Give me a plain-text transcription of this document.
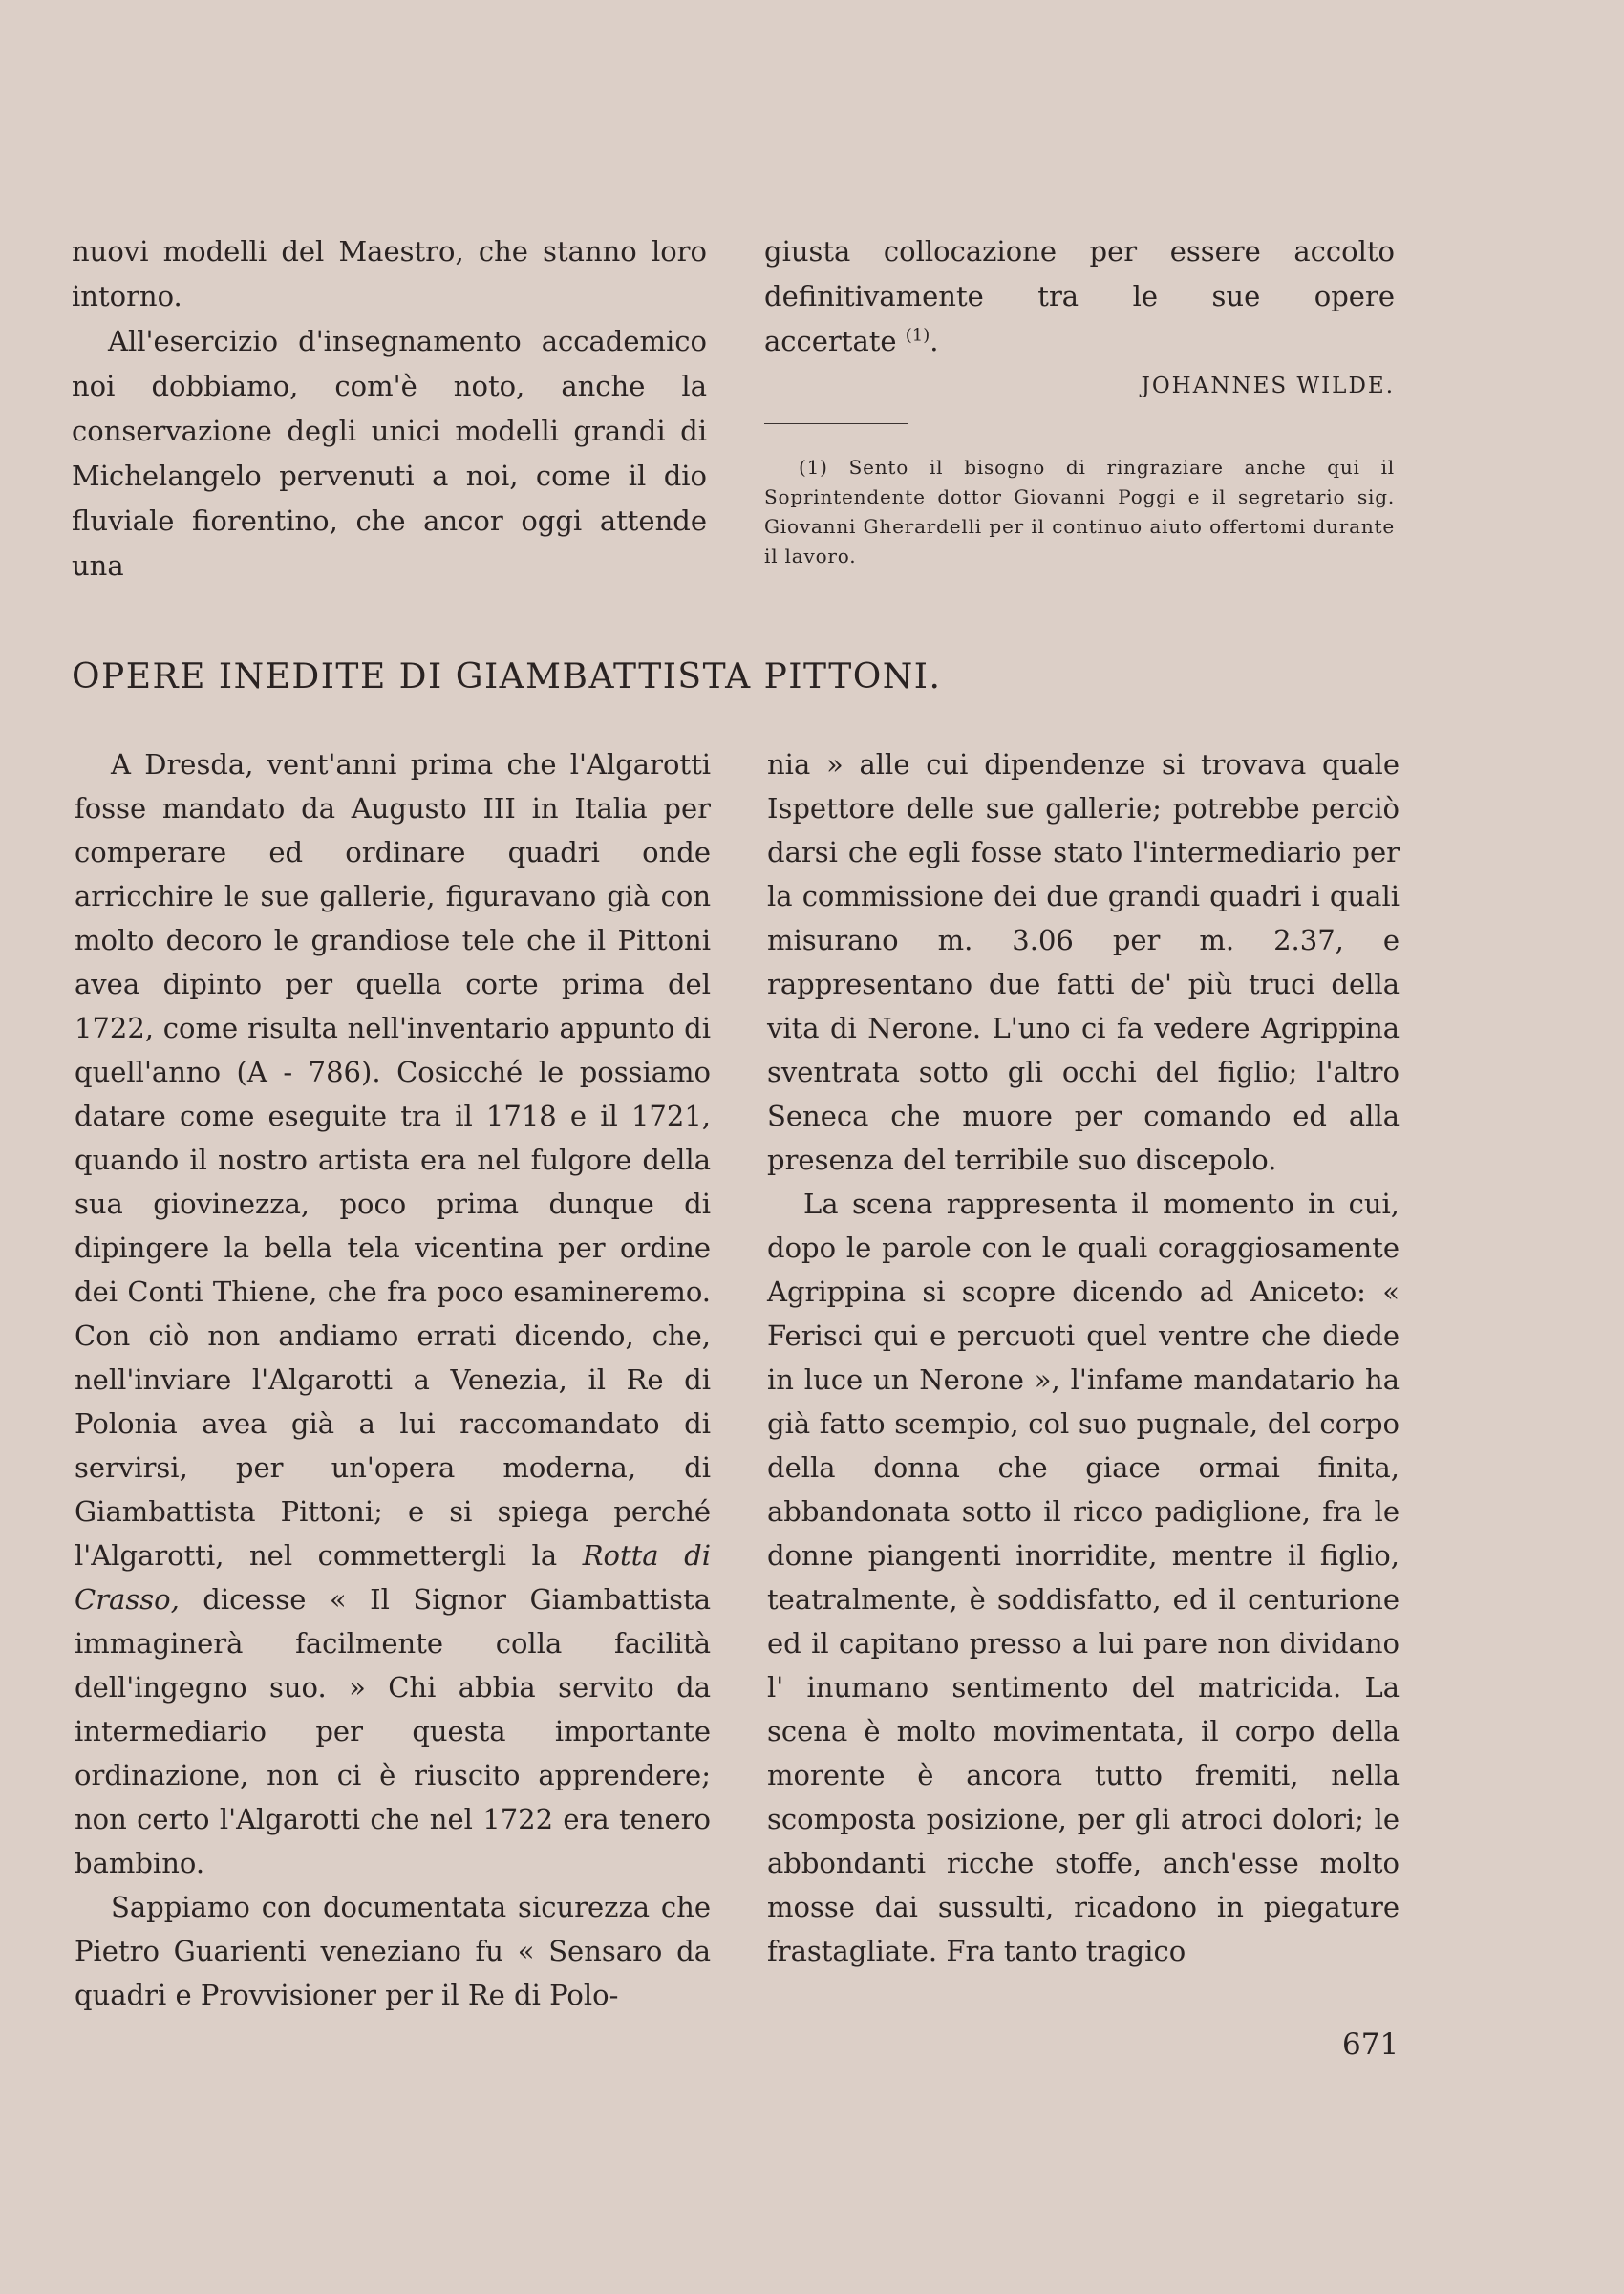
nuovi modelli del Maestro, che stanno loro intorno.

All'esercizio d'insegnamento accademico noi dobbiamo, com'è noto, anche la conservazione degli unici modelli grandi di Michelangelo pervenuti a noi, come il dio fluviale fiorentino, che ancor oggi attende una

giusta collocazione per essere accolto definitivamente tra le sue opere accertate $^{(1)}$.

JOHANNES WILDE.

(1) Sento il bisogno di ringraziare anche qui il Soprintendente dottor Giovanni Poggi e il segretario sig. Giovanni Gherardelli per il continuo aiuto offertomi durante il lavoro.

OPERE INEDITE DI GIAMBATTISTA PITTONI.

A Dresda, vent'anni prima che l'Algarotti fosse mandato da Augusto III in Italia per comperare ed ordinare quadri onde arricchire le sue gallerie, figuravano già con molto decoro le grandiose tele che il Pittoni avea dipinto per quella corte prima del 1722, come risulta nell'inventario appunto di quell'anno (A - 786). Cosicché le possiamo datare come eseguite tra il 1718 e il 1721, quando il nostro artista era nel fulgore della sua giovinezza, poco prima dunque di dipingere la bella tela vicentina per ordine dei Conti Thiene, che fra poco esamineremo. Con ciò non andiamo errati dicendo, che, nell'inviare l'Algarotti a Venezia, il Re di Polonia avea già a lui raccomandato di servirsi, per un'opera moderna, di Giambattista Pittoni; e si spiega perché l'Algarotti, nel commettergli la Rotta di Crasso, dicesse « Il Signor Giambattista immaginerà facilmente colla facilità dell'ingegno suo. » Chi abbia servito da intermediario per questa importante ordinazione, non ci è riuscito apprendere; non certo l'Algarotti che nel 1722 era tenero bambino.

Sappiamo con documentata sicurezza che Pietro Guarienti veneziano fu « Sensaro da quadri e Provvisioner per il Re di Polo-

nia » alle cui dipendenze si trovava quale Ispettore delle sue gallerie; potrebbe perciò darsi che egli fosse stato l'intermediario per la commissione dei due grandi quadri i quali misurano m. 3.06 per m. 2.37, e rappresentano due fatti de' più truci della vita di Nerone. L'uno ci fa vedere Agrippina sventrata sotto gli occhi del figlio; l'altro Seneca che muore per comando ed alla presenza del terribile suo discepolo.

La scena rappresenta il momento in cui, dopo le parole con le quali coraggiosamente Agrippina si scopre dicendo ad Aniceto: « Ferisci qui e percuoti quel ventre che diede in luce un Nerone », l'infame mandatario ha già fatto scempio, col suo pugnale, del corpo della donna che giace ormai finita, abbandonata sotto il ricco padiglione, fra le donne piangenti inorridite, mentre il figlio, teatralmente, è soddisfatto, ed il centurione ed il capitano presso a lui pare non dividano l' inumano sentimento del matricida. La scena è molto movimentata, il corpo della morente è ancora tutto fremiti, nella scomposta posizione, per gli atroci dolori; le abbondanti ricche stoffe, anch'esse molto mosse dai sussulti, ricadono in piegature frastagliate. Fra tanto tragico

671
